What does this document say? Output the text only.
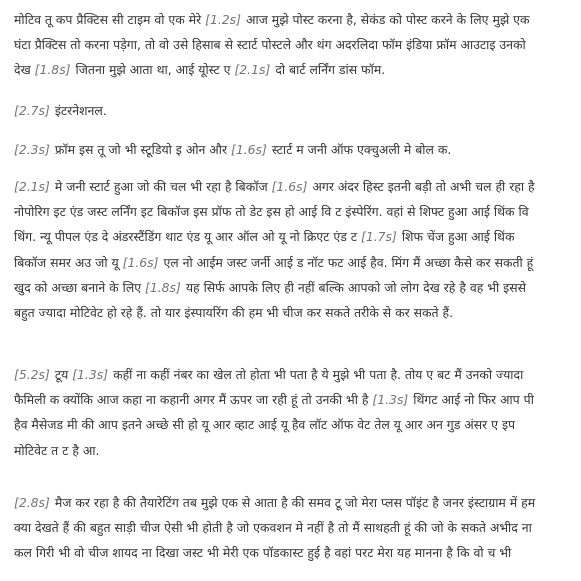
मोटिव तू कप प्रैक्टिस सी टाइम वो एक मेरे [1.2s] आज मुझे पोस्ट करना है, सेकंड को पोस्ट करने के लिए मुझे एक
घंटा प्रैक्टिस तो करना पड़ेगा, तो वो उसे हिसाब से स्टार्ट पोस्टले और थंग अदरलिदा फॉम इंडिया फ्रॉम आउटाइ उनको
देख [1.8s] जितना मुझे आता था, आई यूोस्ट ए [2.1s] दो बार्ट लर्निंग डांस फॉम.
[2.7s] इंटरनेशनल.
[2.3s] फ्रॉम इस तू जो भी स्टूडियो इ ओन और [1.6s] स्टार्ट म जनी ऑफ एक्चुअली मे बोल क.
[2.1s] मे जनी स्टार्ट हुआ जो की चल भी रहा है बिकॉज [1.6s] अगर अंदर हिस्ट इतनी बड़ी तो अभी चल ही रहा है
नोपोरिग इट एंड जस्ट लर्निंग इट बिकॉज इस प्रॉफ तो डेट इस हो आई वि ट इंस्पेरिंग. वहां से शिफ्ट हुआ आई थिंक वि
थिंग. न्यू पीपल एंड दे अंडरस्टैंडिंग थाट एंड यू आर ऑल ओ यू नो क्रिएट एंड ट [1.7s] शिफ चेंज हुआ आई थिंक
बिकॉज समर अउ जो यू [1.6s] एल नो आईम जस्ट जर्नी आई ड नॉट फट आई हैव. मिंग मैं अच्छा कैसे कर सकती हूं
खुद को अच्छा बनाने के लिए [1.8s] यह सिर्फ आपके लिए ही नहीं बल्कि आपको जो लोग देख रहे है वह भी इससे
बहुत ज्यादा मोटिवेट हो रहे हैं. तो यार इंस्पायरिंग की हम भी चीज कर सकते तरीके से कर सकते हैं.
[5.2s] टूय [1.3s] कहीं ना कहीं नंबर का खेल तो होता भी पता है ये मुझे भी पता है. तोय ए बट मैं उनको ज्यादा
फैमिली क क्योंकि आज कहा ना कहानी अगर मैं ऊपर जा रही हूं तो उनकी भी है [1.3s] थिंगट आई नो फिर आप पी
हैव मैसेजड मी की आप इतने अच्छे सी हो यू आर व्हाट आई यू हैव लॉट ऑफ वेट तेल यू आर अन गुड अंसर ए इप
मोटिवेट त ट है आ.
[2.8s] मैज कर रहा है की तैयारेटिंग तब मुझे एक से आता है की समव टू जो मेरा प्लस पॉइंट है जनर इंस्टाग्राम में हम
क्या देखते हैं की बहुत साड़ी चीज ऐसी भी होती है जो एकवशन मे नहीं है तो मैं साथहती हूं की जो के सकते अभीद ना
कल गिरी भी वो चीज शायद ना दिखा जस्ट भी मेरी एक पॉडकास्ट हुई है वहां परट मेरा यह मानना है कि वो च भी
